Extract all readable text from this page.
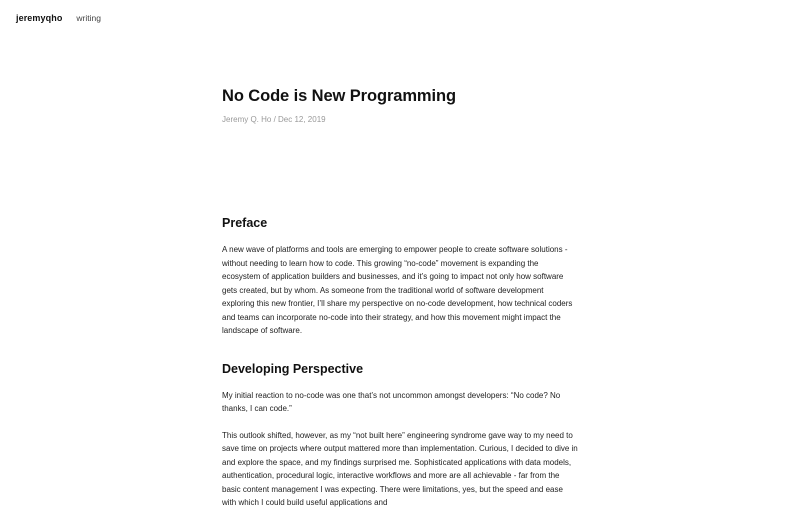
jeremyqho writing
No Code is New Programming
Jeremy Q. Ho / Dec 12, 2019
Preface

A new wave of platforms and tools are emerging to empower people to create software solutions - without needing to learn how to code. This growing “no-code” movement is expanding the ecosystem of application builders and businesses, and it’s going to impact not only how software gets created, but by whom. As someone from the traditional world of software development exploring this new frontier, I’ll share my perspective on no-code development, how technical coders and teams can incorporate no-code into their strategy, and how this movement might impact the landscape of software.

Developing Perspective

My initial reaction to no-code was one that’s not uncommon amongst developers: “No code? No thanks, I can code.”

This outlook shifted, however, as my “not built here” engineering syndrome gave way to my need to save time on projects where output mattered more than implementation. Curious, I decided to dive in and explore the space, and my findings surprised me. Sophisticated applications with data models, authentication, procedural logic, interactive workflows and more are all achievable - far from the basic content management I was expecting. There were limitations, yes, but the speed and ease with which I could build useful applications and
